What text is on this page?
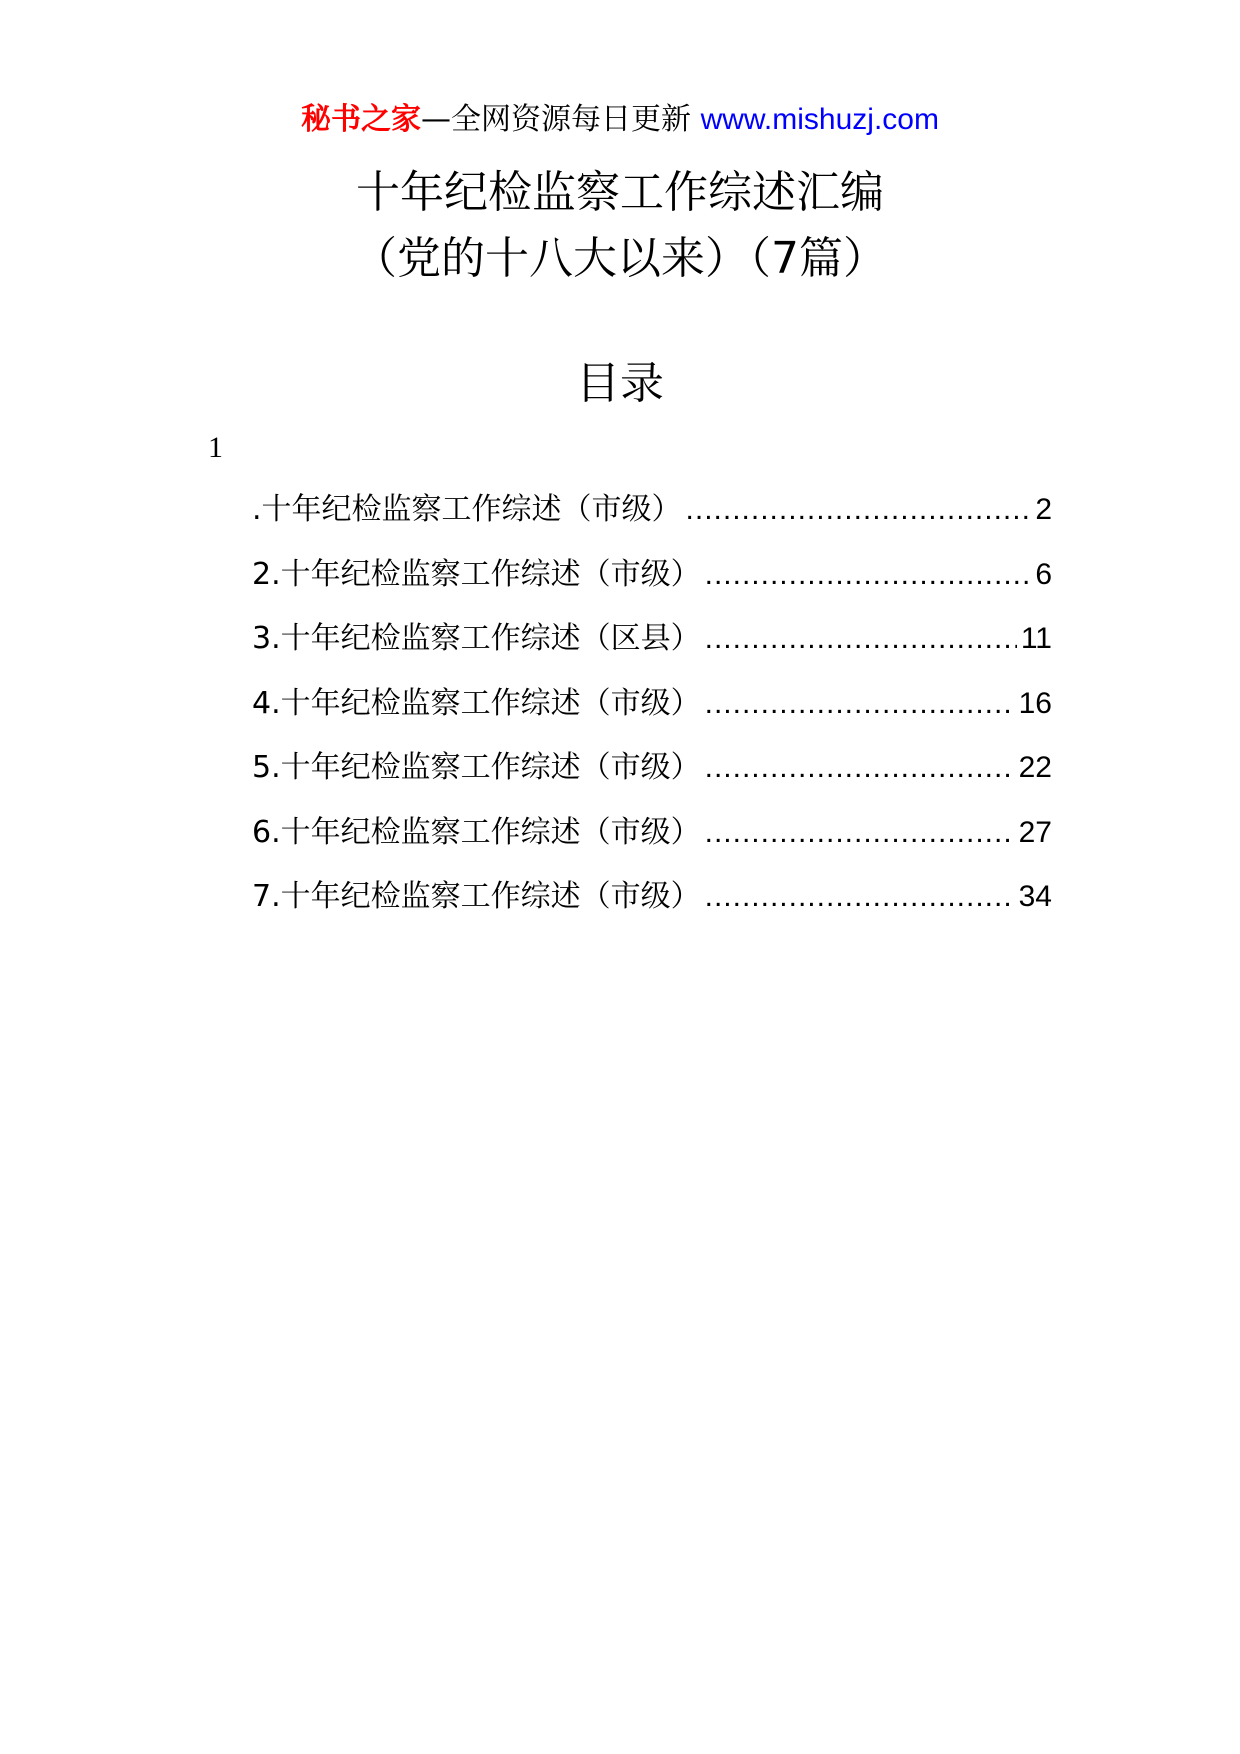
秘书之家—全网资源每日更新 www.mishuzj.com
十年纪检监察工作综述汇编
（党的十八大以来）（7篇）
目录
1
.十年纪检监察工作综述（市级） .....	2
2.十年纪检监察工作综述（市级） .....	6
3.十年纪检监察工作综述（区县） .....	11
4.十年纪检监察工作综述（市级） .....	16
5.十年纪检监察工作综述（市级） .....	22
6.十年纪检监察工作综述（市级） .....	27
7.十年纪检监察工作综述（市级） .....	34
